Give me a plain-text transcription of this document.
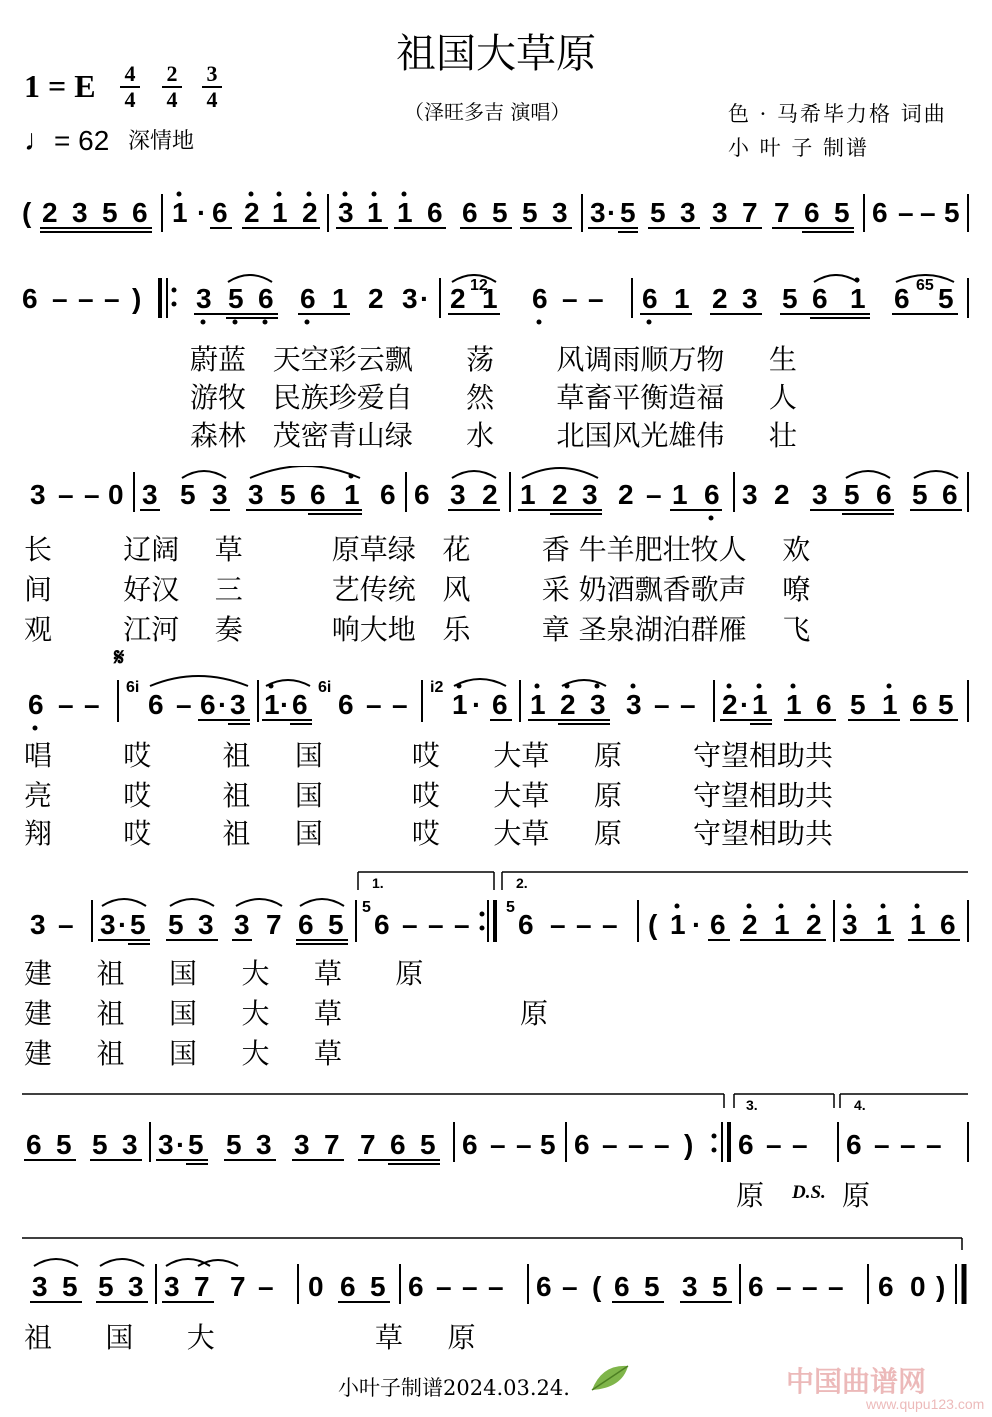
祖国大草原
1 = E 4
4
2
4
3
4
♩= 62 深情地
（泽旺多吉 演唱）	色 · 马希毕力格 词曲
小 叶 子 制谱
( 2 3 5 6 1 · 6 2 1 2 3 1 1 6 6 5 5 3 3 · 5 5 3 3 7 7 6 5 6 – – 5
6 – – – ) 3 5 6 6 1 2 3 · 2 12
1 6 – – 6 1 2 3 5 6 1 6 65 5
蔚蓝   天空彩云飘      荡       风调雨顺万物     生
游牧   民族珍爱自      然       草畜平衡造福     人
森林   茂密青山绿      水       北国风光雄伟     壮
3 – – 0 3 5 3 3 5 6 1 6 6 3 2 1 2 3 2 – 1 6 3 2 3 5 6 5 6
长        辽阔    草          原草绿   花        香 牛羊肥壮牧人    欢
间        好汉    三          艺传统   风        采 奶酒飘香歌声    嘹
观        江河    奏          响大地   乐        章 圣泉湖泊群雁    飞
𝄋
6 – –
6i
6 – 6 · 3 1 · 6
6i
6 – –
i2
1 · 6 1 2 3 3 – – 2 · 1 1 6 5 1 6 5
唱        哎        祖     国          哎      大草     原        守望相助共
亮        哎        祖     国          哎      大草     原        守望相助共
翔        哎        祖     国          哎      大草     原        守望相助共
1.	2.
3 – 3 · 5 5 3 3 7 6 5
5
6 – – –
5
6 – – – ( 1 · 6 2 1 2 3 1 1 6
建     祖     国     大     草      原
建     祖     国     大     草                    原
建     祖     国     大     草
3.	4.
6 5 5 3 3 · 5 5 3 3 7 7 6 5 6 – – 5 6 – – – ) 6 – – 6 – – –
原 D.S. 原
3 5 5 3 3 7 7 – 0 6 5 6 – – – 6 – ( 6 5 3 5 6 – – – 6 0 )
祖      国      大                  草     原
小叶子制谱2024.03.24.	中国曲谱网
www.qupu123.com
